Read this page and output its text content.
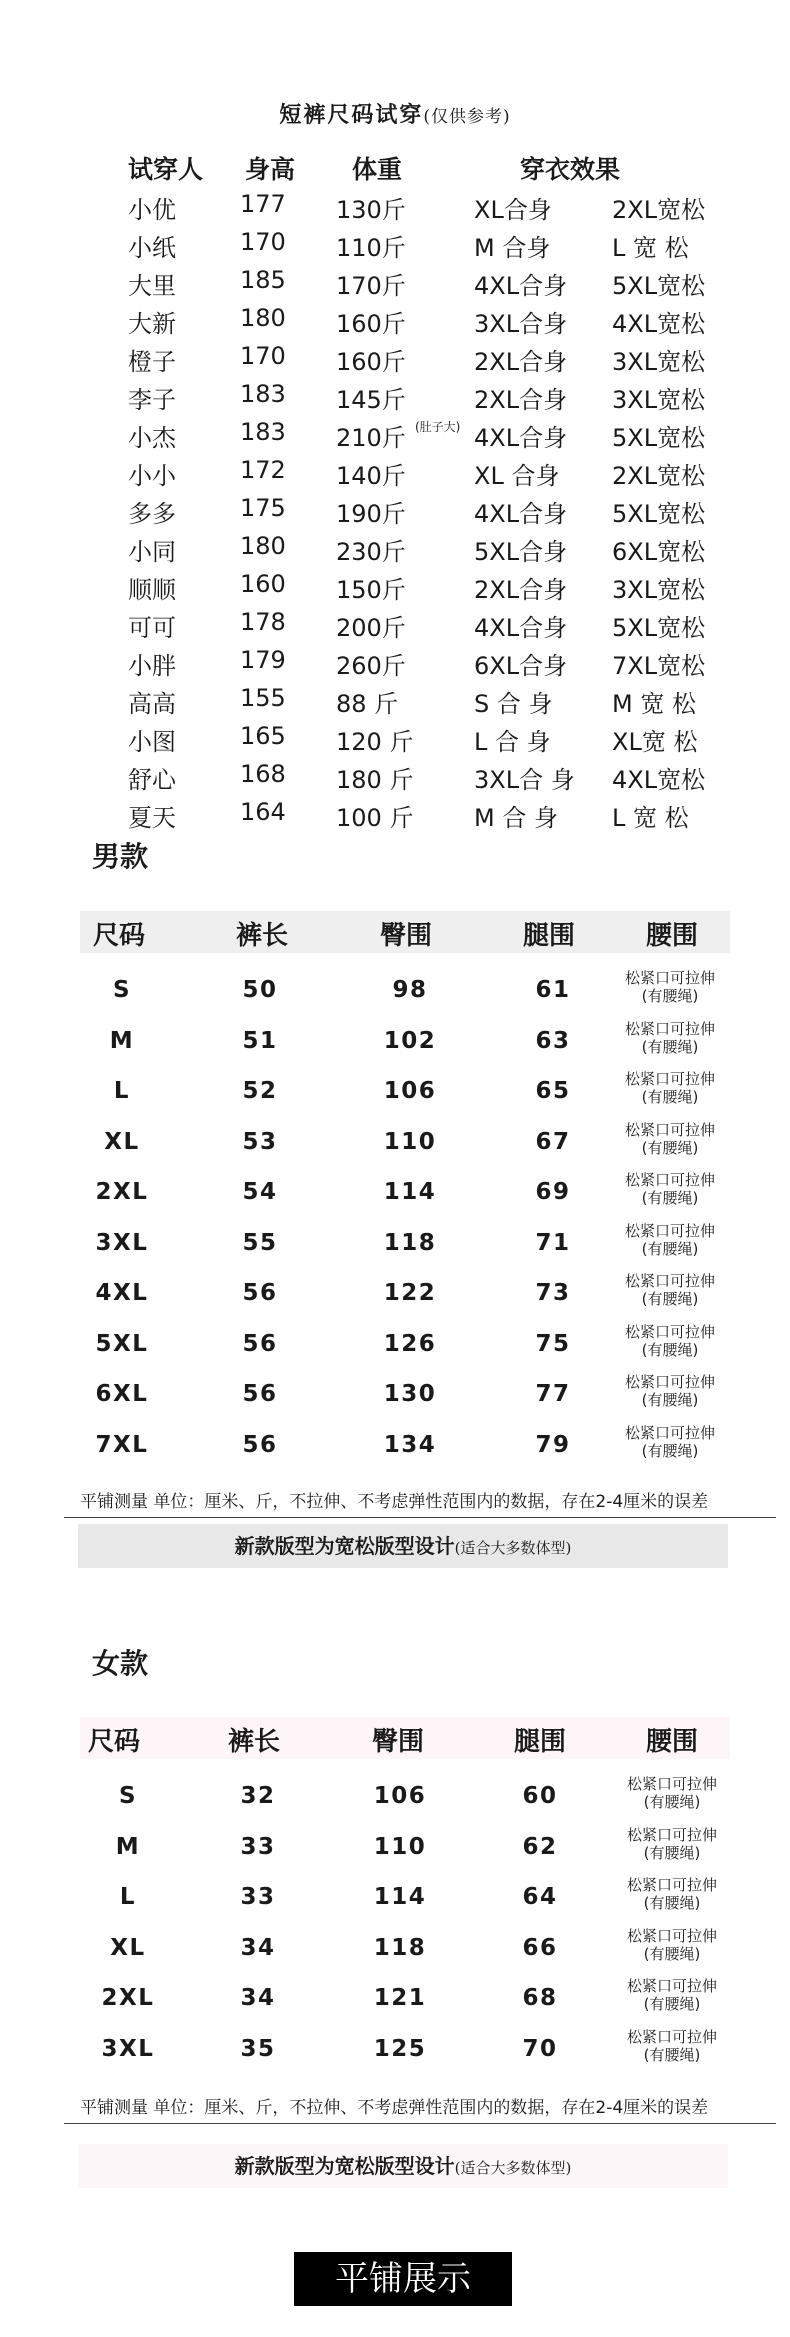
短裤尺码试穿(仅供参考)
试穿人 身高 体重	穿衣效果
小优	177 130斤	XL合身	2XL宽松
小纸	170 110斤	M 合身	L 宽 松
大里	185 170斤	4XL合身 5XL宽松
大新	180 160斤	3XL合身 4XL宽松
橙子	170 160斤	2XL合身 3XL宽松
李子	183 145斤	2XL合身 3XL宽松
小杰	183 210斤 (肚子大) 4XL合身 5XL宽松
小小	172 140斤	XL 合身 2XL宽松
多多	175 190斤	4XL合身 5XL宽松
小同	180 230斤	5XL合身 6XL宽松
顺顺	160 150斤	2XL合身 3XL宽松
可可	178 200斤	4XL合身 5XL宽松
小胖	179 260斤	6XL合身 7XL宽松
高高	155 88 斤	S 合 身 M 宽 松
小图	165 120 斤	L 合 身	XL宽 松
舒心	168 180 斤	3XL合 身 4XL宽松
夏天	164 100 斤	M 合 身 L 宽 松
男款
尺码	裤长	臀围	腿围	腰围
S	50	98	61	松紧口可拉伸
(有腰绳)
M	51	102	63	松紧口可拉伸
(有腰绳)
L	52	106	65	松紧口可拉伸
(有腰绳)
XL	53	110	67	松紧口可拉伸
(有腰绳)
2XL	54	114	69	松紧口可拉伸
(有腰绳)
3XL	55	118	71	松紧口可拉伸
(有腰绳)
4XL	56	122	73	松紧口可拉伸
(有腰绳)
5XL	56	126	75	松紧口可拉伸
(有腰绳)
6XL	56	130	77	松紧口可拉伸
(有腰绳)
7XL	56	134	79	松紧口可拉伸
(有腰绳)
平铺测量 单位：厘米、斤，不拉伸、不考虑弹性范围内的数据，存在2-4厘米的误差
新款版型为宽松版型设计(适合大多数体型)
女款
尺码	裤长	臀围	腿围	腰围
S	32	106	60	松紧口可拉伸
(有腰绳)
M	33	110	62	松紧口可拉伸
(有腰绳)
L	33	114	64	松紧口可拉伸
(有腰绳)
XL	34	118	66	松紧口可拉伸
(有腰绳)
2XL	34	121	68	松紧口可拉伸
(有腰绳)
3XL	35	125	70	松紧口可拉伸
(有腰绳)
平铺测量 单位：厘米、斤，不拉伸、不考虑弹性范围内的数据，存在2-4厘米的误差
新款版型为宽松版型设计(适合大多数体型)
平铺展示
